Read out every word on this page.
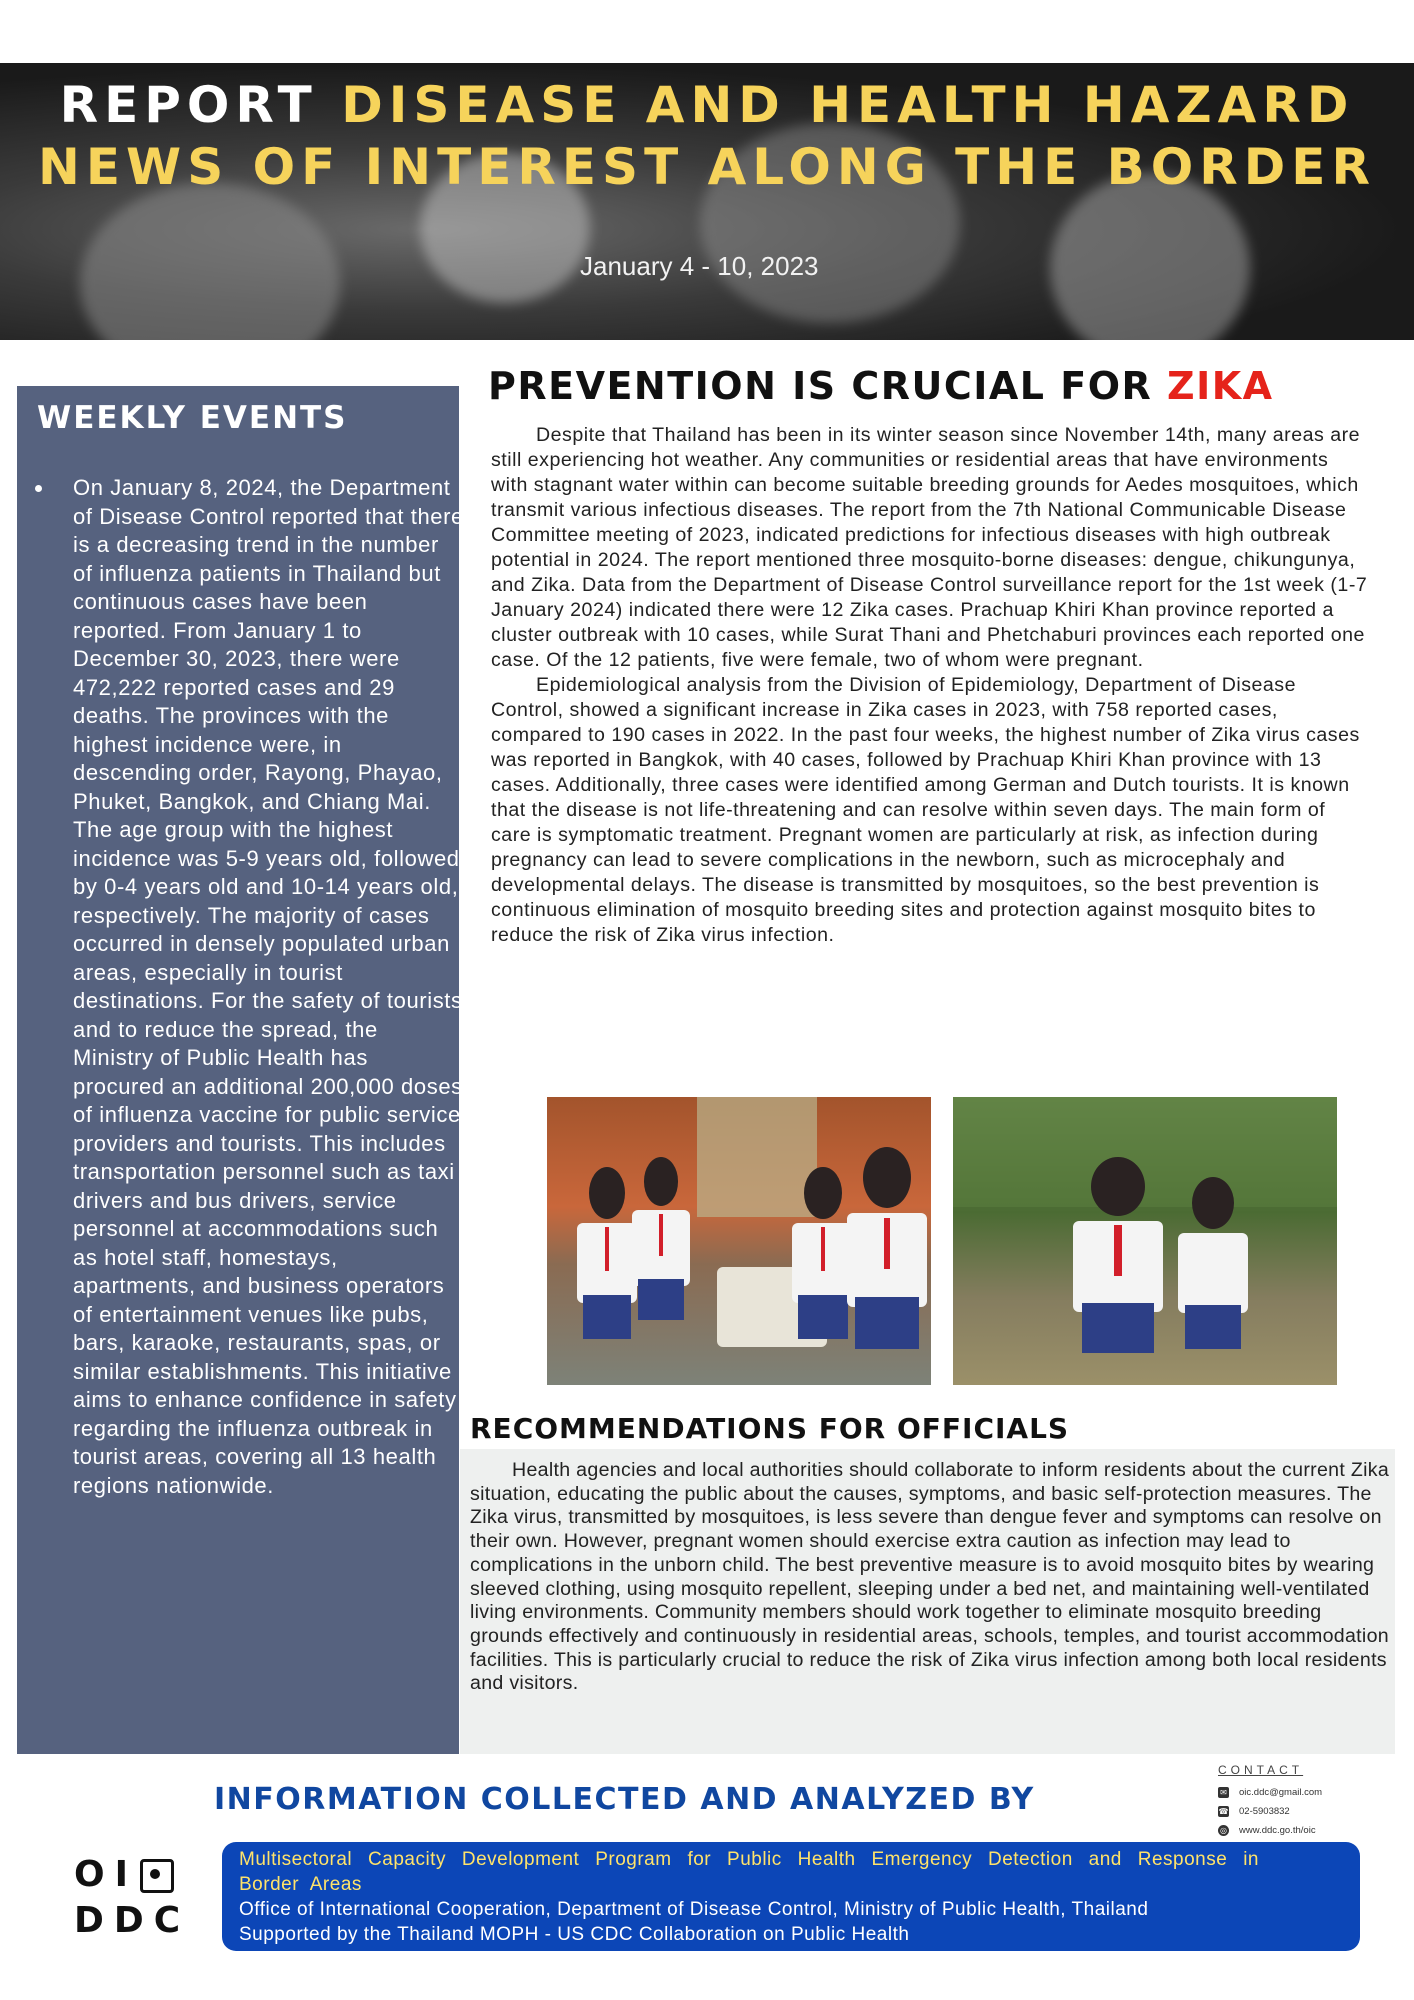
REPORT DISEASE AND HEALTH HAZARD
NEWS OF INTEREST ALONG THE BORDER
January 4 - 10, 2023
WEEKLY EVENTS
• On January 8, 2024, the Department of Disease Control reported that there is a decreasing trend in the number of influenza patients in Thailand but continuous cases have been reported. From January 1 to December 30, 2023, there were 472,222 reported cases and 29 deaths. The provinces with the highest incidence were, in descending order, Rayong, Phayao, Phuket, Bangkok, and Chiang Mai. The age group with the highest incidence was 5-9 years old, followed by 0-4 years old and 10-14 years old, respectively. The majority of cases occurred in densely populated urban areas, especially in tourist destinations. For the safety of tourists and to reduce the spread, the Ministry of Public Health has procured an additional 200,000 doses of influenza vaccine for public service providers and tourists. This includes transportation personnel such as taxi drivers and bus drivers, service personnel at accommodations such as hotel staff, homestays, apartments, and business operators of entertainment venues like pubs, bars, karaoke, restaurants, spas, or similar establishments. This initiative aims to enhance confidence in safety regarding the influenza outbreak in tourist areas, covering all 13 health regions nationwide.
PREVENTION IS CRUCIAL FOR ZIKA

Despite that Thailand has been in its winter season since November 14th, many areas are still experiencing hot weather. Any communities or residential areas that have environments with stagnant water within can become suitable breeding grounds for Aedes mosquitoes, which transmit various infectious diseases. The report from the 7th National Communicable Disease Committee meeting of 2023, indicated predictions for infectious diseases with high outbreak potential in 2024. The report mentioned three mosquito-borne diseases: dengue, chikungunya, and Zika. Data from the Department of Disease Control surveillance report for the 1st week (1-7 January 2024) indicated there were 12 Zika cases. Prachuap Khiri Khan province reported a cluster outbreak with 10 cases, while Surat Thani and Phetchaburi provinces each reported one case. Of the 12 patients, five were female, two of whom were pregnant.

Epidemiological analysis from the Division of Epidemiology, Department of Disease Control, showed a significant increase in Zika cases in 2023, with 758 reported cases, compared to 190 cases in 2022. In the past four weeks, the highest number of Zika virus cases was reported in Bangkok, with 40 cases, followed by Prachuap Khiri Khan province with 13 cases. Additionally, three cases were identified among German and Dutch tourists. It is known that the disease is not life-threatening and can resolve within seven days. The main form of care is symptomatic treatment. Pregnant women are particularly at risk, as infection during pregnancy can lead to severe complications in the newborn, such as microcephaly and developmental delays. The disease is transmitted by mosquitoes, so the best prevention is continuous elimination of mosquito breeding sites and protection against mosquito bites to reduce the risk of Zika virus infection.

RECOMMENDATIONS FOR OFFICIALS

Health agencies and local authorities should collaborate to inform residents about the current Zika situation, educating the public about the causes, symptoms, and basic self-protection measures. The Zika virus, transmitted by mosquitoes, is less severe than dengue fever and symptoms can resolve on their own. However, pregnant women should exercise extra caution as infection may lead to complications in the unborn child. The best preventive measure is to avoid mosquito bites by wearing sleeved clothing, using mosquito repellent, sleeping under a bed net, and maintaining well-ventilated living environments. Community members should work together to eliminate mosquito breeding grounds effectively and continuously in residential areas, schools, temples, and tourist accommodation facilities. This is particularly crucial to reduce the risk of Zika virus infection among both local residents and visitors.

INFORMATION COLLECTED AND ANALYZED BY
CONTACT
✉ oic.ddc@gmail.com
☎ 02-5903832
◎ www.ddc.go.th/oic
OI
DDC

Multisectoral Capacity Development Program for Public Health Emergency Detection and Response in Border Areas

Office of International Cooperation, Department of Disease Control, Ministry of Public Health, Thailand

Supported by the Thailand MOPH - US CDC Collaboration on Public Health
